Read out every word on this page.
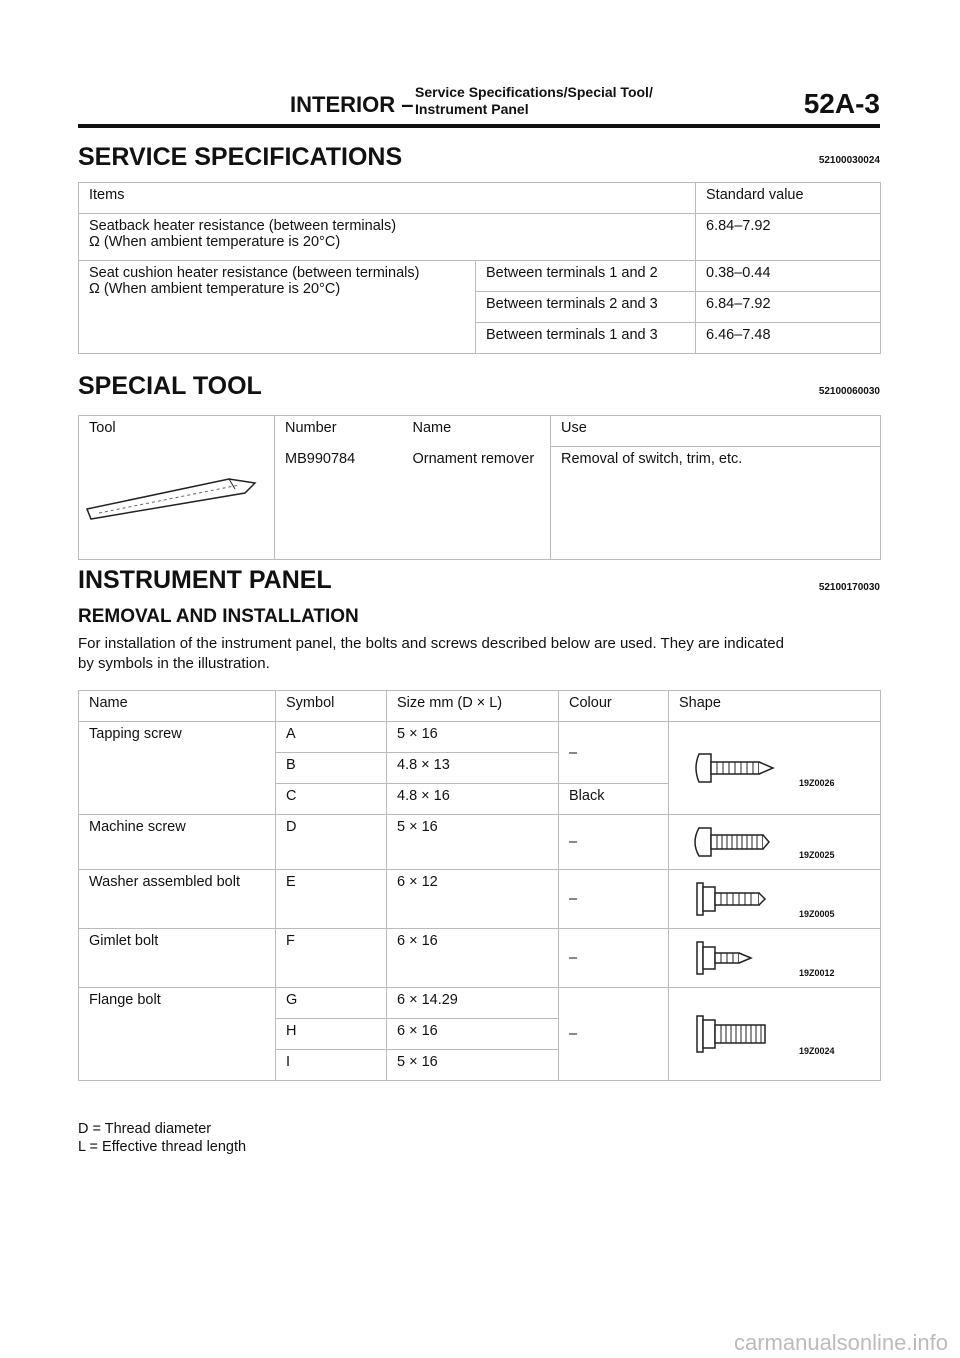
INTERIOR – Service Specifications/Special Tool/
Instrument Panel	52A-3
SERVICE SPECIFICATIONS	52100030024
Items		Standard value

Seatback heater resistance (between terminals)
Ω (When ambient temperature is 20°C)		6.84–7.92

Seat cushion heater resistance (between terminals)
Ω (When ambient temperature is 20°C)	Between terminals 1 and 2	0.38–0.44
	Between terminals 2 and 3	6.84–7.92
	Between terminals 1 and 3	6.46–7.48
SPECIAL TOOL	52100060030
Tool	Number	Name	Use
	MB990784	Ornament remover	Removal of switch, trim, etc.
INSTRUMENT PANEL	52100170030
REMOVAL AND INSTALLATION
For installation of the instrument panel, the bolts and screws described below are used. They are indicated
by symbols in the illustration.
Name	Symbol	Size mm (D × L)	Colour	Shape
Tapping screw	A	5 × 16	–	19Z0026
	B	4.8 × 13		
	C	4.8 × 16	Black	
Machine screw	D	5 × 16	–	19Z0025
Washer assembled bolt	E	6 × 12	–	19Z0005
Gimlet bolt	F	6 × 16	–	19Z0012
Flange bolt	G	6 × 14.29	–	19Z0024
	H	6 × 16		
	I	5 × 16		
D = Thread diameter
L = Effective thread length
carmanualsonline.info
